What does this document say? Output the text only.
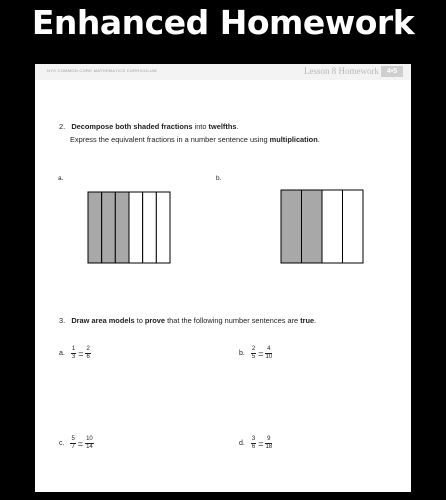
Enhanced Homework
NYS COMMON CORE MATHEMATICS CURRICULUM	Lesson 8 Homework	4•5
2. Decompose both shaded fractions into twelfths.
Express the equivalent fractions in a number sentence using multiplication.
a.	b.
3. Draw area models to prove that the following number sentences are true.
a. $\frac{1}{3} = \frac{2}{6}$	b. $\frac{2}{5} = \frac{4}{10}$
c. $\frac{5}{7} = \frac{10}{14}$	d. $\frac{3}{6} = \frac{9}{18}$
